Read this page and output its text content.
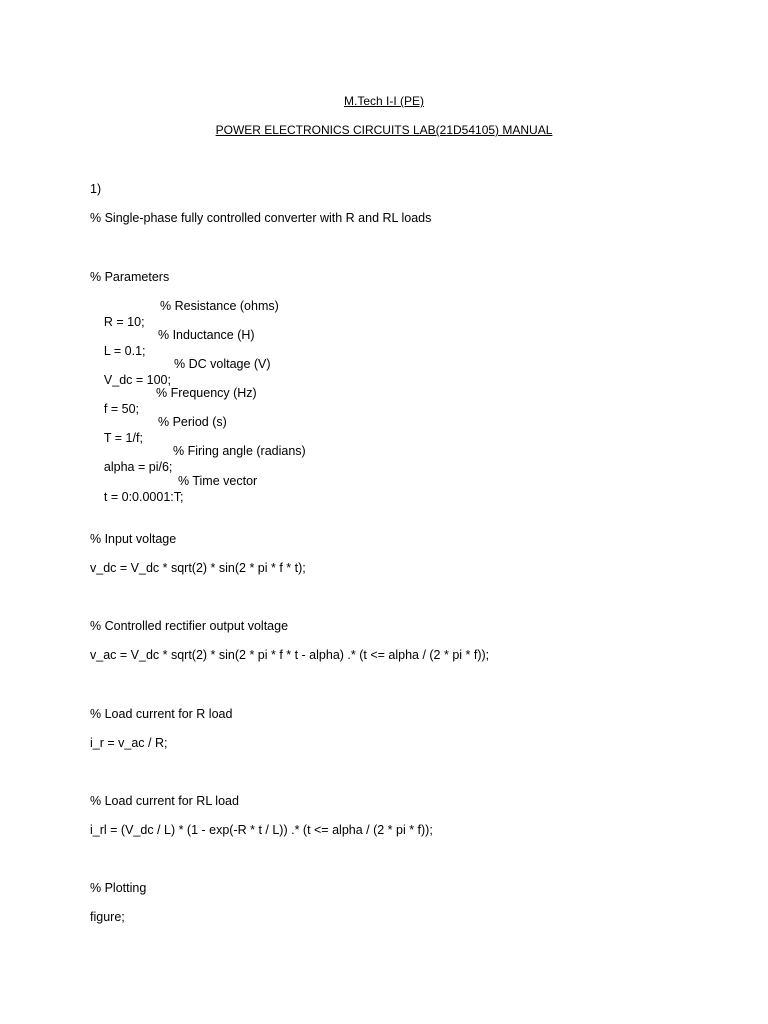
M.Tech I-I (PE)
POWER ELECTRONICS CIRCUITS LAB(21D54105) MANUAL
1)
% Single-phase fully controlled converter with R and RL loads
% Parameters

R = 10;
% Resistance (ohms)

L = 0.1;
% Inductance (H)

V_dc = 100;
% DC voltage (V)

f = 50;
% Frequency (Hz)

T = 1/f;
% Period (s)

alpha = pi/6;
% Firing angle (radians)

t = 0:0.0001:T;
% Time vector

% Input voltage
v_dc = V_dc * sqrt(2) * sin(2 * pi * f * t);
% Controlled rectifier output voltage
v_ac = V_dc * sqrt(2) * sin(2 * pi * f * t - alpha) .* (t <= alpha / (2 * pi * f));
% Load current for R load
i_r = v_ac / R;
% Load current for RL load
i_rl = (V_dc / L) * (1 - exp(-R * t / L)) .* (t <= alpha / (2 * pi * f));
% Plotting
figure;
